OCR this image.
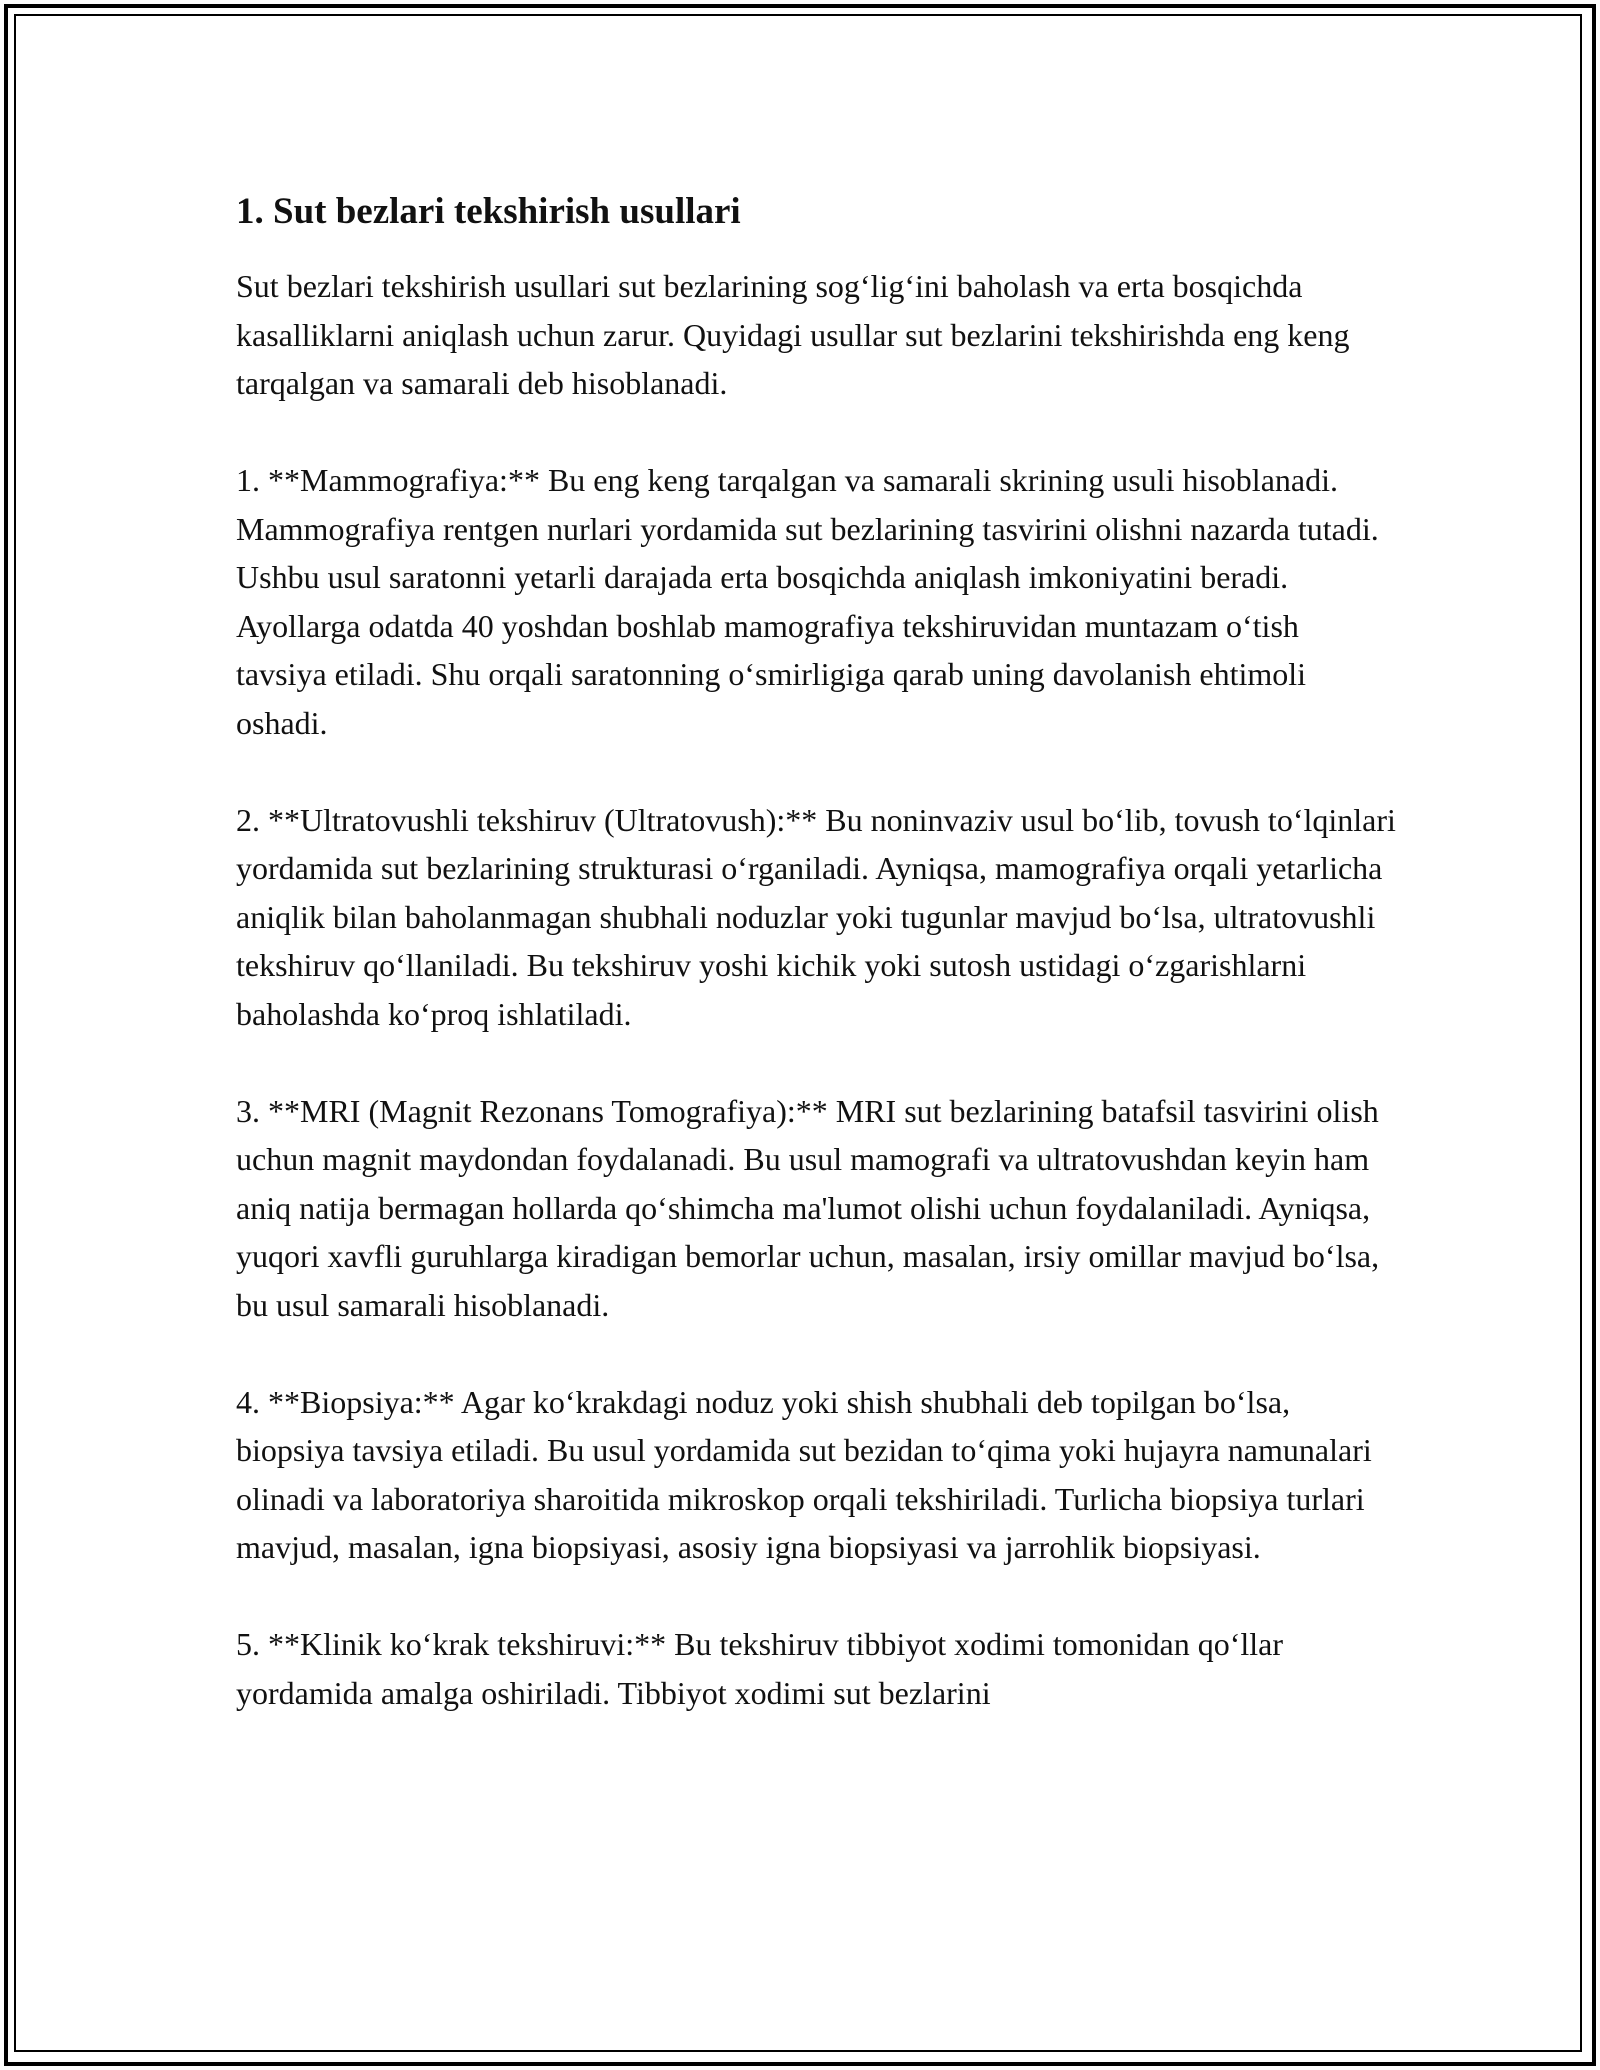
1. Sut bezlari tekshirish usullari

Sut bezlari tekshirish usullari sut bezlarining sog‘lig‘ini baholash va erta bosqichda kasalliklarni aniqlash uchun zarur. Quyidagi usullar sut bezlarini tekshirishda eng keng tarqalgan va samarali deb hisoblanadi.

1. **Mammografiya:** Bu eng keng tarqalgan va samarali skrining usuli hisoblanadi. Mammografiya rentgen nurlari yordamida sut bezlarining tasvirini olishni nazarda tutadi. Ushbu usul saratonni yetarli darajada erta bosqichda aniqlash imkoniyatini beradi. Ayollarga odatda 40 yoshdan boshlab mamografiya tekshiruvidan muntazam o‘tish tavsiya etiladi. Shu orqali saratonning o‘smirligiga qarab uning davolanish ehtimoli oshadi.

2. **Ultratovushli tekshiruv (Ultratovush):** Bu noninvaziv usul bo‘lib, tovush to‘lqinlari yordamida sut bezlarining strukturasi o‘rganiladi. Ayniqsa, mamografiya orqali yetarlicha aniqlik bilan baholanmagan shubhali noduzlar yoki tugunlar mavjud bo‘lsa, ultratovushli tekshiruv qo‘llaniladi. Bu tekshiruv yoshi kichik yoki sutosh ustidagi o‘zgarishlarni baholashda ko‘proq ishlatiladi.

3. **MRI (Magnit Rezonans Tomografiya):** MRI sut bezlarining batafsil tasvirini olish uchun magnit maydondan foydalanadi. Bu usul mamografi va ultratovushdan keyin ham aniq natija bermagan hollarda qo‘shimcha ma'lumot olishi uchun foydalaniladi. Ayniqsa, yuqori xavfli guruhlarga kiradigan bemorlar uchun, masalan, irsiy omillar mavjud bo‘lsa, bu usul samarali hisoblanadi.

4. **Biopsiya:** Agar ko‘krakdagi noduz yoki shish shubhali deb topilgan bo‘lsa, biopsiya tavsiya etiladi. Bu usul yordamida sut bezidan to‘qima yoki hujayra namunalari olinadi va laboratoriya sharoitida mikroskop orqali tekshiriladi. Turlicha biopsiya turlari mavjud, masalan, igna biopsiyasi, asosiy igna biopsiyasi va jarrohlik biopsiyasi.

5. **Klinik ko‘krak tekshiruvi:** Bu tekshiruv tibbiyot xodimi tomonidan qo‘llar yordamida amalga oshiriladi. Tibbiyot xodimi sut bezlarini
